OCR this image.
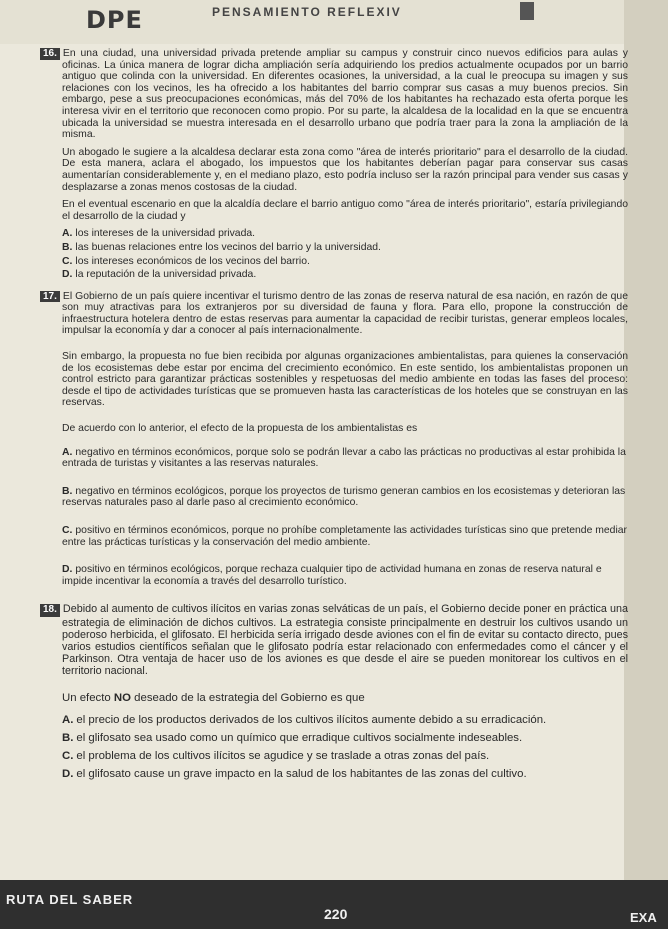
DPE	PENSAMIENTO REFLEXIV

16. En una ciudad, una universidad privada pretende ampliar su campus y construir cinco nuevos edificios para aulas y oficinas. La única manera de lograr dicha ampliación sería adquiriendo los predios actualmente ocupados por un barrio antiguo que colinda con la universidad. En diferentes ocasiones, la universidad, a la cual le preocupa su imagen y sus relaciones con los vecinos, les ha ofrecido a los habitantes del barrio comprar sus casas a muy buenos precios. Sin embargo, pese a sus preocupaciones económicas, más del 70% de los habitantes ha rechazado esta oferta porque les interesa vivir en el territorio que reconocen como propio. Por su parte, la alcaldesa de la localidad en la que se encuentra ubicada la universidad se muestra interesada en el desarrollo urbano que podría traer para la zona la ampliación de la misma.

Un abogado le sugiere a la alcaldesa declarar esta zona como "área de interés prioritario" para el desarrollo de la ciudad. De esta manera, aclara el abogado, los impuestos que los habitantes deberían pagar para conservar sus casas aumentarían considerablemente y, en el mediano plazo, esto podría incluso ser la razón principal para vender sus casas y desplazarse a zonas menos costosas de la ciudad.

En el eventual escenario en que la alcaldía declare el barrio antiguo como "área de interés prioritario", estaría privilegiando el desarrollo de la ciudad y

A. los intereses de la universidad privada.
B. las buenas relaciones entre los vecinos del barrio y la universidad.
C. los intereses económicos de los vecinos del barrio.
D. la reputación de la universidad privada.

17. El Gobierno de un país quiere incentivar el turismo dentro de las zonas de reserva natural de esa nación, en razón de que son muy atractivas para los extranjeros por su diversidad de fauna y flora. Para ello, propone la construcción de infraestructura hotelera dentro de estas reservas para aumentar la capacidad de recibir turistas, generar empleos locales, impulsar la economía y dar a conocer al país internacionalmente.

Sin embargo, la propuesta no fue bien recibida por algunas organizaciones ambientalistas, para quienes la conservación de los ecosistemas debe estar por encima del crecimiento económico. En este sentido, los ambientalistas proponen un control estricto para garantizar prácticas sostenibles y respetuosas del medio ambiente en todas las fases del proceso: desde el tipo de actividades turísticas que se promueven hasta las características de los hoteles que se construyan en las reservas.

De acuerdo con lo anterior, el efecto de la propuesta de los ambientalistas es

A. negativo en términos económicos, porque solo se podrán llevar a cabo las prácticas no productivas al estar prohibida la entrada de turistas y visitantes a las reservas naturales.
B. negativo en términos ecológicos, porque los proyectos de turismo generan cambios en los ecosistemas y deterioran las reservas naturales paso al darle paso al crecimiento económico.
C. positivo en términos económicos, porque no prohíbe completamente las actividades turísticas sino que pretende mediar entre las prácticas turísticas y la conservación del medio ambiente.
D. positivo en términos ecológicos, porque rechaza cualquier tipo de actividad humana en zonas de reserva natural e impide incentivar la economía a través del desarrollo turístico.

18. Debido al aumento de cultivos ilícitos en varias zonas selváticas de un país, el Gobierno decide poner en práctica una estrategia de eliminación de dichos cultivos. La estrategia consiste principalmente en destruir los cultivos usando un poderoso herbicida, el glifosato. El herbicida sería irrigado desde aviones con el fin de evitar su contacto directo, pues varios estudios científicos señalan que le glifosato podría estar relacionado con enfermedades como el cáncer y el Parkinson. Otra ventaja de hacer uso de los aviones es que desde el aire se pueden monitorear los cultivos en el territorio nacional.

Un efecto NO deseado de la estrategia del Gobierno es que

A. el precio de los productos derivados de los cultivos ilícitos aumente debido a su erradicación.
B. el glifosato sea usado como un químico que erradique cultivos socialmente indeseables.
C. el problema de los cultivos ilícitos se agudice y se traslade a otras zonas del país.
D. el glifosato cause un grave impacto en la salud de los habitantes de las zonas del cultivo.
RUTA DEL SABER
220	EXA
